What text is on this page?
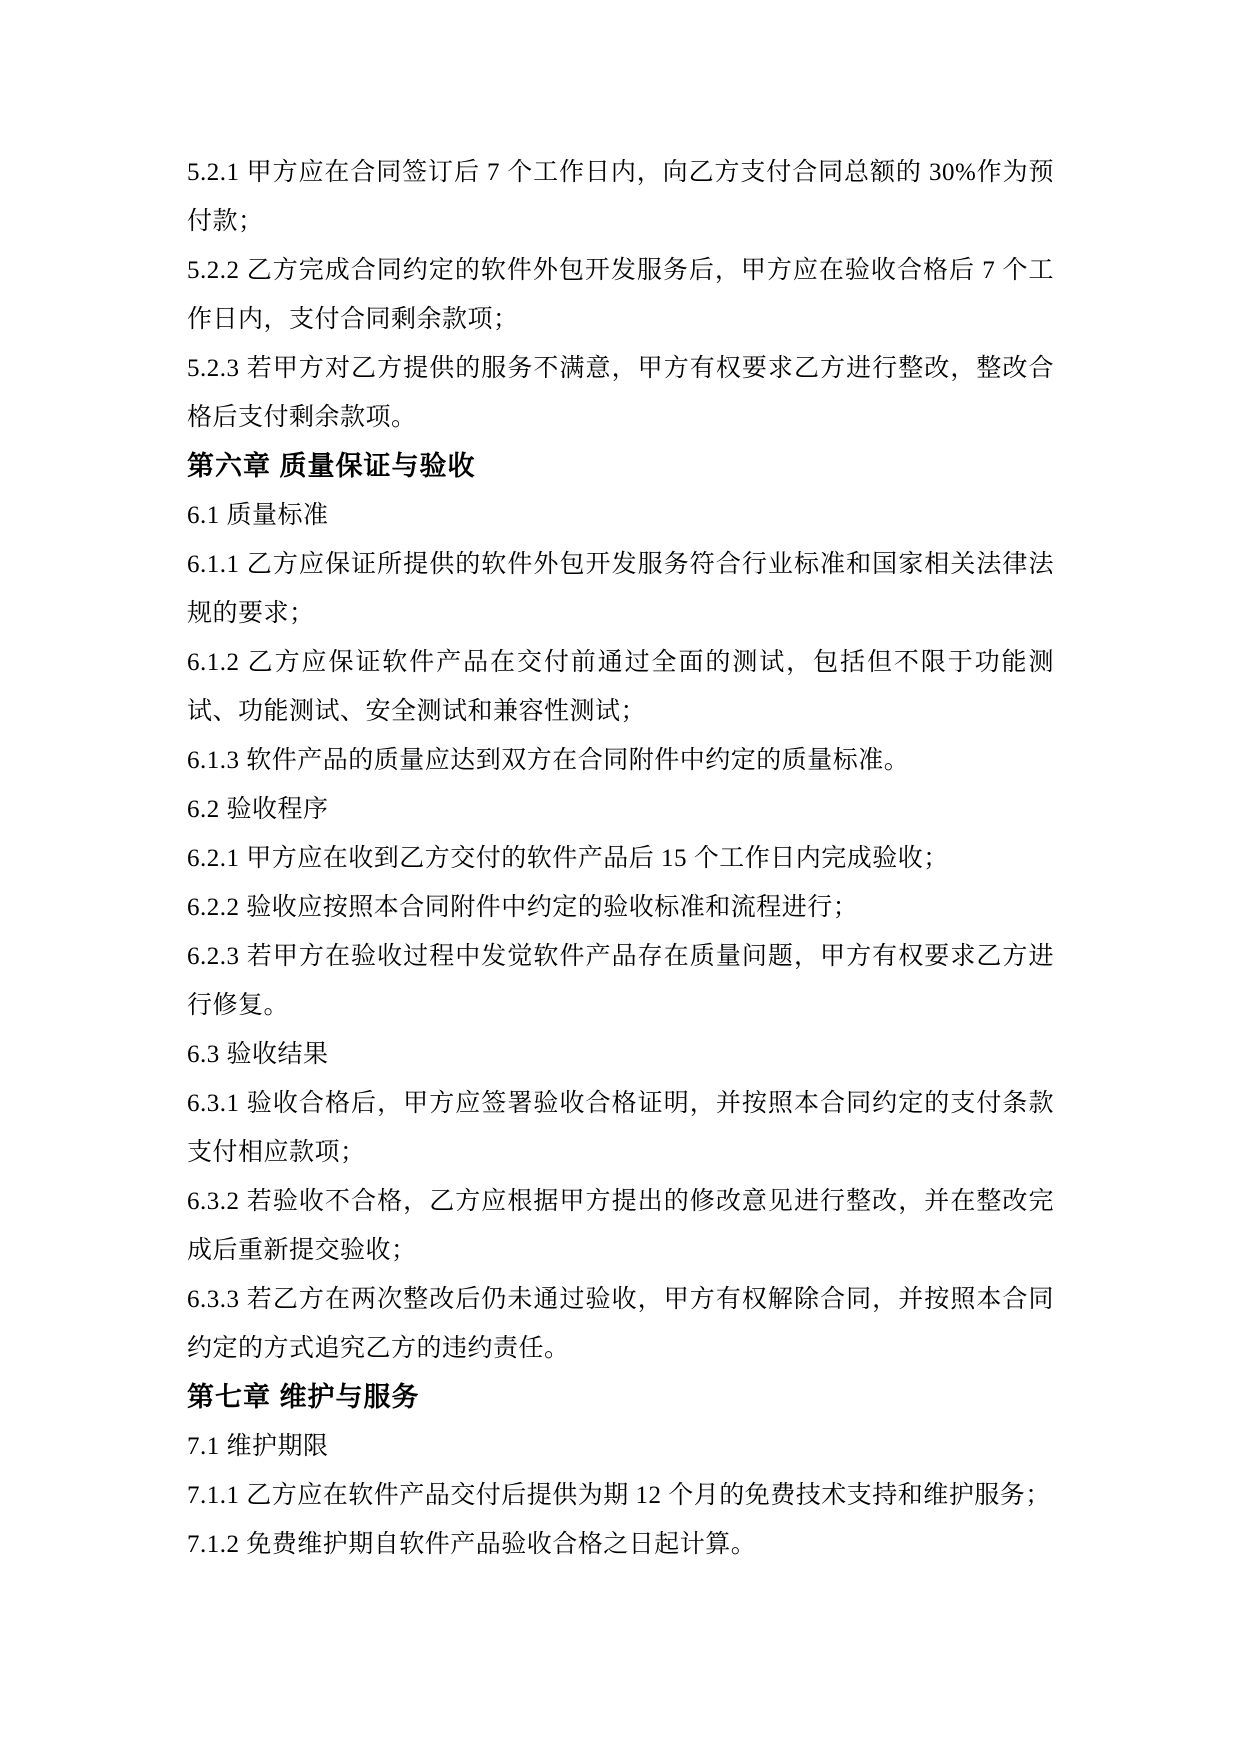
5.2.1 甲方应在合同签订后 7 个工作日内，向乙方支付合同总额的 30%作为预付款；

5.2.2 乙方完成合同约定的软件外包开发服务后，甲方应在验收合格后 7 个工作日内，支付合同剩余款项；

5.2.3 若甲方对乙方提供的服务不满意，甲方有权要求乙方进行整改，整改合格后支付剩余款项。

第六章 质量保证与验收

6.1 质量标准

6.1.1 乙方应保证所提供的软件外包开发服务符合行业标准和国家相关法律法规的要求；

6.1.2 乙方应保证软件产品在交付前通过全面的测试，包括但不限于功能测试、功能测试、安全测试和兼容性测试；

6.1.3 软件产品的质量应达到双方在合同附件中约定的质量标准。

6.2 验收程序

6.2.1 甲方应在收到乙方交付的软件产品后 15 个工作日内完成验收；

6.2.2 验收应按照本合同附件中约定的验收标准和流程进行；

6.2.3 若甲方在验收过程中发觉软件产品存在质量问题，甲方有权要求乙方进行修复。

6.3 验收结果

6.3.1 验收合格后，甲方应签署验收合格证明，并按照本合同约定的支付条款支付相应款项；

6.3.2 若验收不合格，乙方应根据甲方提出的修改意见进行整改，并在整改完成后重新提交验收；

6.3.3 若乙方在两次整改后仍未通过验收，甲方有权解除合同，并按照本合同约定的方式追究乙方的违约责任。

第七章 维护与服务

7.1 维护期限

7.1.1 乙方应在软件产品交付后提供为期 12 个月的免费技术支持和维护服务；

7.1.2 免费维护期自软件产品验收合格之日起计算。
